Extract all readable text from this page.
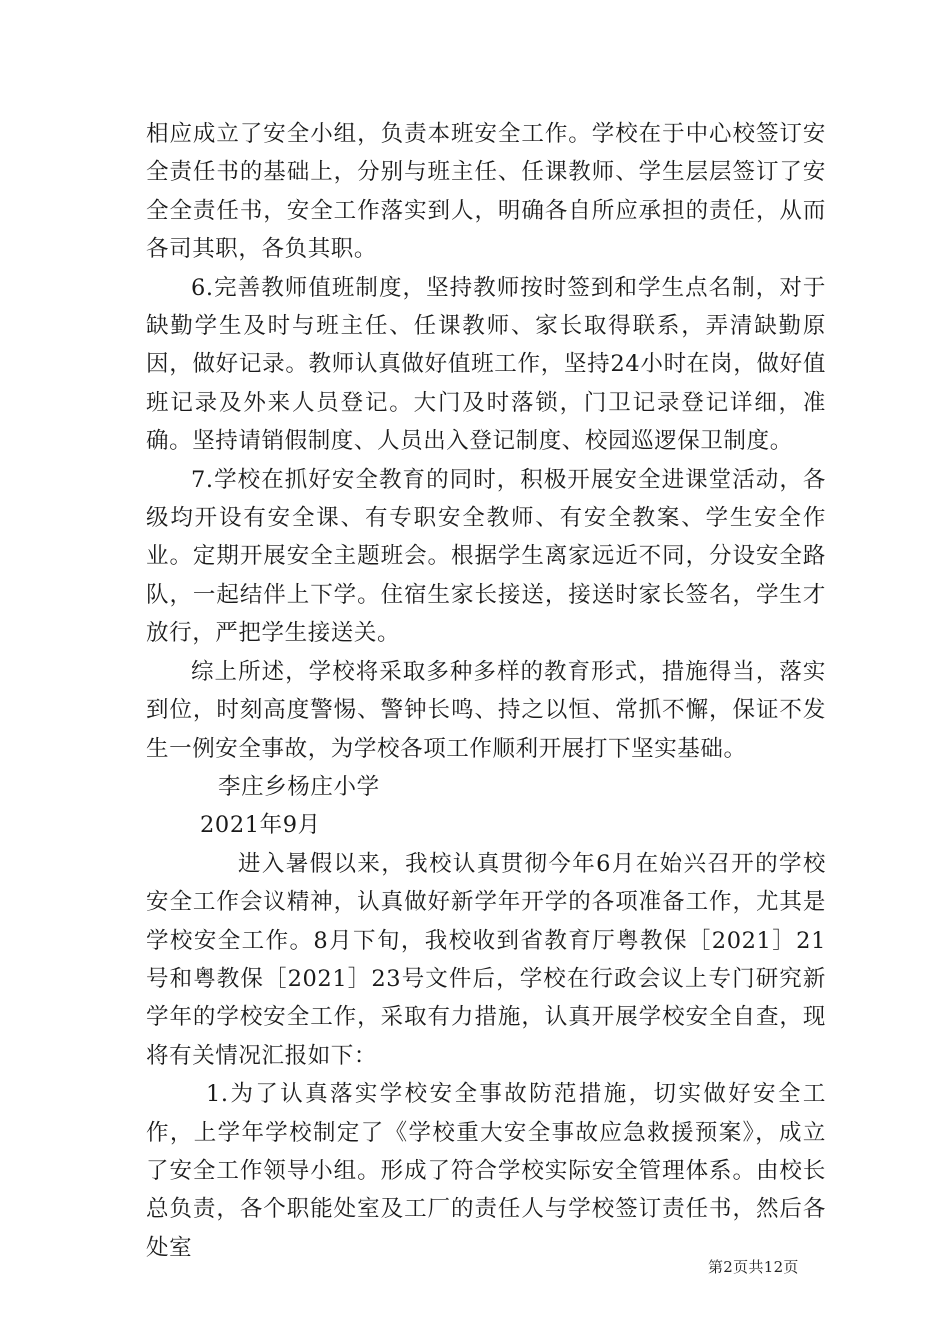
相应成立了安全小组，负责本班安全工作。学校在于中心校签订安全责任书的基础上，分别与班主任、任课教师、学生层层签订了安全全责任书，安全工作落实到人，明确各自所应承担的责任，从而各司其职，各负其职。

6.完善教师值班制度，坚持教师按时签到和学生点名制，对于缺勤学生及时与班主任、任课教师、家长取得联系，弄清缺勤原因，做好记录。教师认真做好值班工作，坚持24小时在岗，做好值班记录及外来人员登记。大门及时落锁，门卫记录登记详细，准确。坚持请销假制度、人员出入登记制度、校园巡逻保卫制度。

7.学校在抓好安全教育的同时，积极开展安全进课堂活动，各级均开设有安全课、有专职安全教师、有安全教案、学生安全作业。定期开展安全主题班会。根据学生离家远近不同，分设安全路队，一起结伴上下学。住宿生家长接送，接送时家长签名，学生才放行，严把学生接送关。

综上所述，学校将采取多种多样的教育形式，措施得当，落实到位，时刻高度警惕、警钟长鸣、持之以恒、常抓不懈，保证不发生一例安全事故，为学校各项工作顺利开展打下坚实基础。

李庄乡杨庄小学

2021年9月

进入暑假以来，我校认真贯彻今年6月在始兴召开的学校安全工作会议精神，认真做好新学年开学的各项准备工作，尤其是学校安全工作。8月下旬，我校收到省教育厅粤教保［2021］21号和粤教保［2021］23号文件后，学校在行政会议上专门研究新学年的学校安全工作，采取有力措施，认真开展学校安全自查，现将有关情况汇报如下：

1.为了认真落实学校安全事故防范措施，切实做好安全工作，上学年学校制定了《学校重大安全事故应急救援预案》，成立了安全工作领导小组。形成了符合学校实际安全管理体系。由校长总负责，各个职能处室及工厂的责任人与学校签订责任书，然后各处室

第2页共12页
